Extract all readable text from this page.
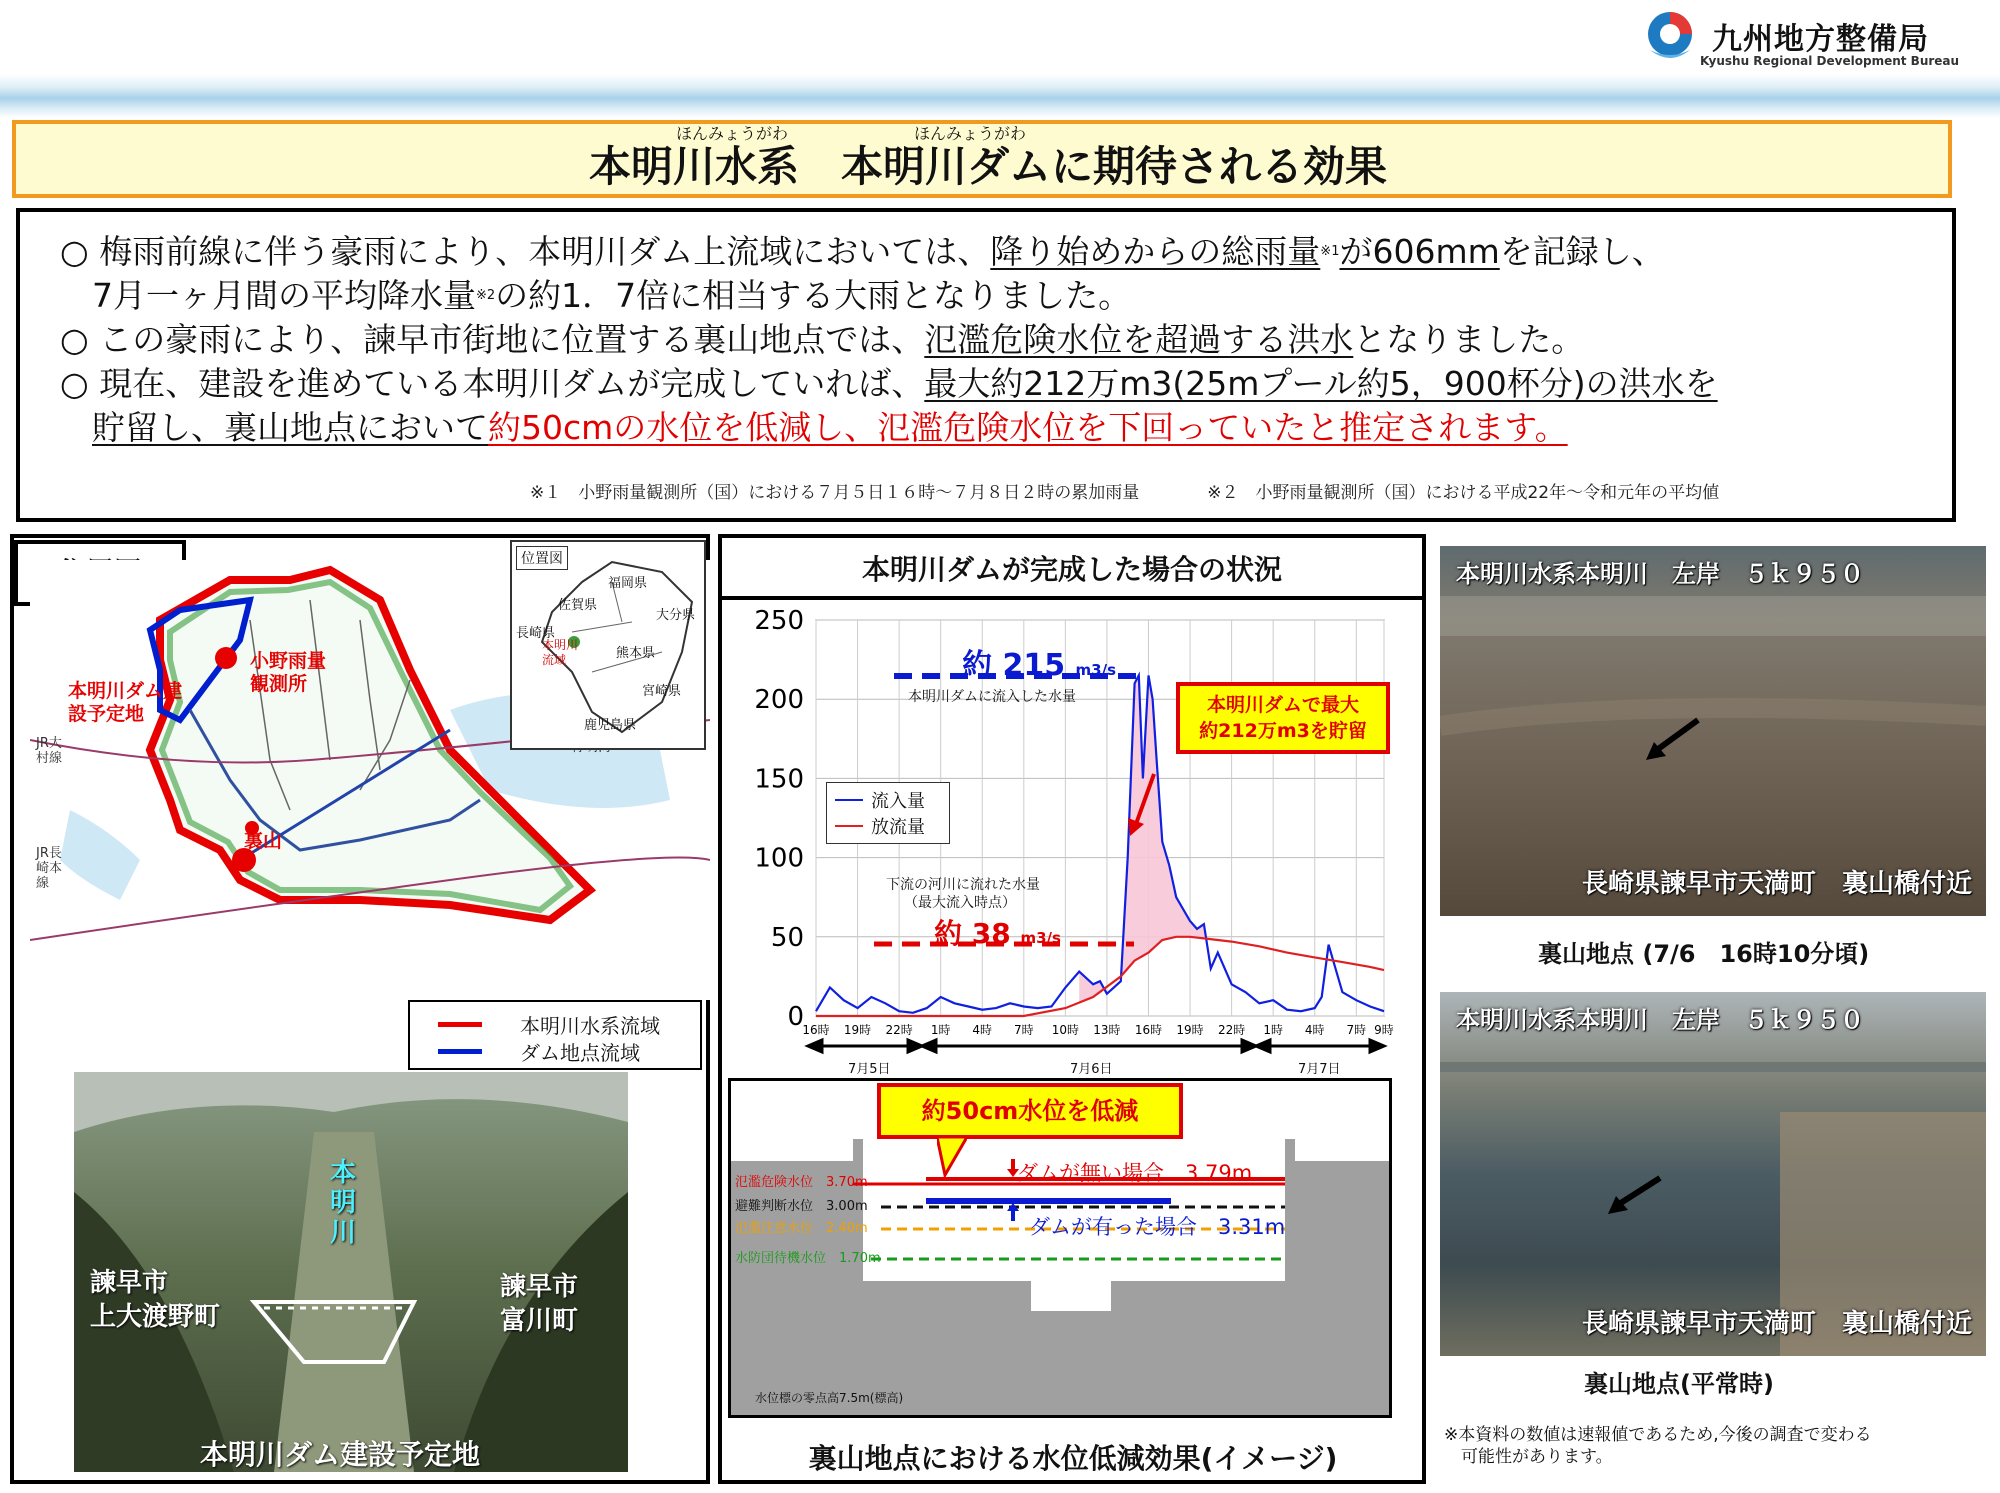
九州地方整備局
Kyushu Regional Development Bureau
ほんみょうがわ	ほんみょうがわ
本明川水系　本明川ダムに期待される効果
○ 梅雨前線に伴う豪雨により、本明川ダム上流域においては、降り始めからの総雨量$^{※1}$が606mmを記録し、
7月一ヶ月間の平均降水量$^{※2}$の約1．7倍に相当する大雨となりました。
○ この豪雨により、諫早市街地に位置する裏山地点では、氾濫危険水位を超過する洪水となりました。
○ 現在、建設を進めている本明川ダムが完成していれば、最大約212万m3(25mプール約5，900杯分)の洪水を
貯留し、裏山地点において約50cmの水位を低減し、氾濫危険水位を下回っていたと推定されます。
※１　小野雨量観測所（国）における７月５日１６時～７月８日２時の累加雨量　　　　	※２　小野雨量観測所（国）における平成22年～令和元年の平均値
本明川ダム建設予定地
小野雨量観測所
裏山
JR大村線
JR長崎本線
位置図
福岡県
佐賀県
長崎県
大分県
熊本県
宮崎県
鹿児島県
本明川流域
本明川水系流域
ダム地点流域
本明川
諫早市
上大渡野町
諫早市
富川町
本明川ダム建設予定地
本明川ダムが完成した場合の状況
0
50
100
150
200
250
16時 19時 22時 1時 4時 7時 10時 13時 16時 19時 22時 1時 4時 7時 9時
約 215 m3/s
本明川ダムに流入した水量
下流の河川に流れた水量
（最大流入時点）
約 38 m3/s
本明川ダムで最大
約212万m3を貯留
流入量
放流量
7月5日	7月6日	7月7日
氾濫危険水位　 3.70m
避難判断水位　 3.00m
氾濫注意水位　 2.40m
水防団待機水位　 1.70m
ダムが無い場合　 3.79m
ダムが有った場合　 3.31m
約50cm水位を低減
水位標の零点高7.5m(標高)
裏山地点における水位低減効果(イメージ)
本明川水系本明川　左岸　５ｋ９５０
長崎県諫早市天満町　裏山橋付近
裏山地点 (7/6　16時10分頃)
本明川水系本明川　左岸　５ｋ９５０
長崎県諫早市天満町　裏山橋付近
裏山地点(平常時)
※本資料の数値は速報値であるため,今後の調査で変わる
　可能性があります。
